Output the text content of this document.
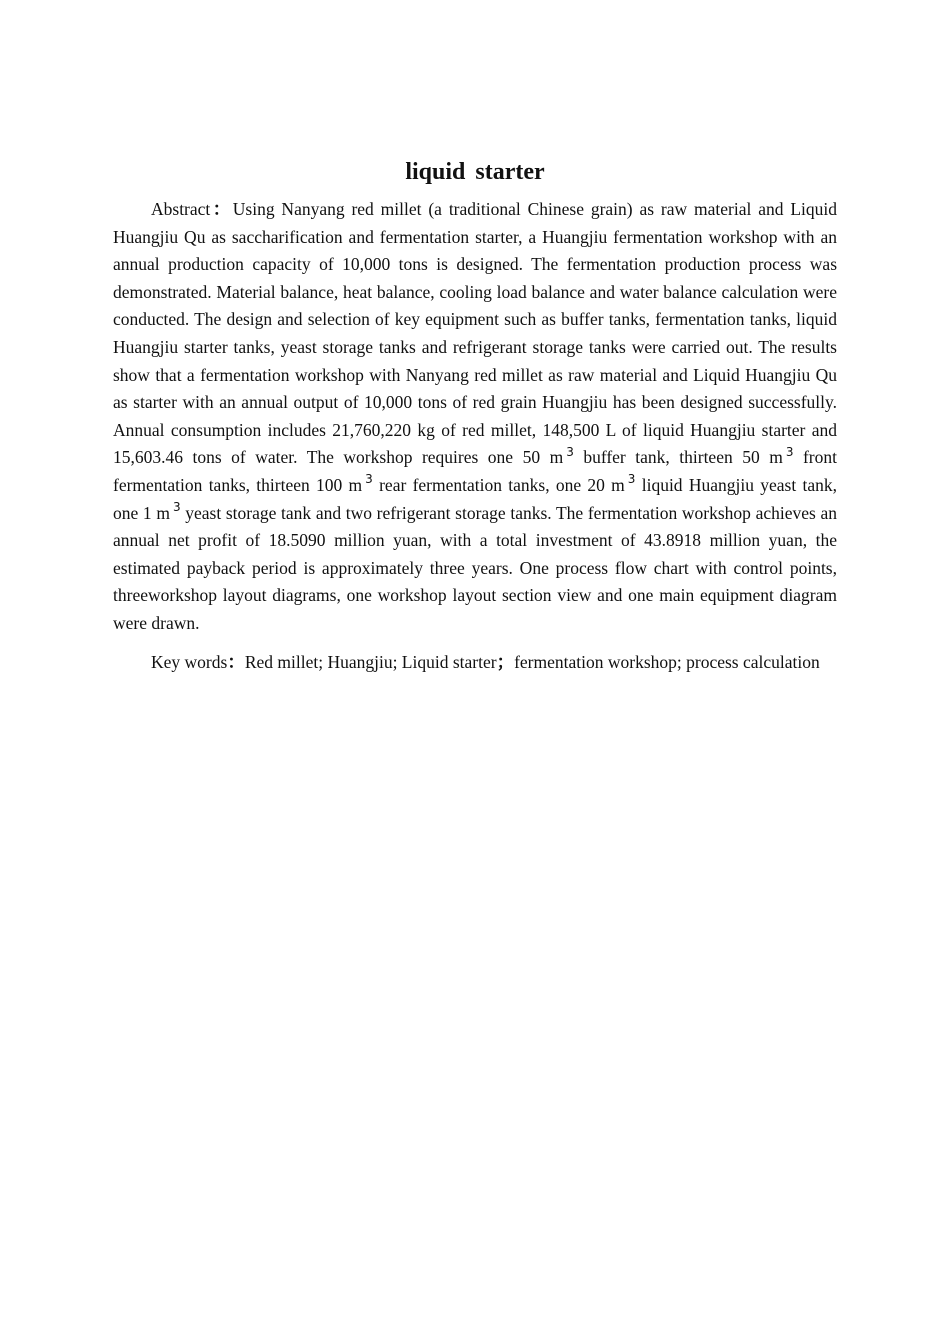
liquid starter

Abstract：Using Nanyang red millet (a traditional Chinese grain) as raw material and Liquid Huangjiu Qu as saccharification and fermentation starter, a Huangjiu fermentation workshop with an annual production capacity of 10,000 tons is designed. The fermentation production process was demonstrated. Material balance, heat balance, cooling load balance and water balance calculation were conducted. The design and selection of key equipment such as buffer tanks, fermentation tanks, liquid Huangjiu starter tanks, yeast storage tanks and refrigerant storage tanks were carried out. The results show that a fermentation workshop with Nanyang red millet as raw material and Liquid Huangjiu Qu as starter with an annual output of 10,000 tons of red grain Huangjiu has been designed successfully. Annual consumption includes 21,760,220 kg of red millet, 148,500 L of liquid Huangjiu starter and 15,603.46 tons of water. The workshop requires one 50 m $^3$ buffer tank, thirteen 50 m $^3$ front fermentation tanks, thirteen 100 m $^3$ rear fermentation tanks, one 20 m $^3$ liquid Huangjiu yeast tank, one 1 m $^3$ yeast storage tank and two refrigerant storage tanks. The fermentation workshop achieves an annual net profit of 18.5090 million yuan, with a total investment of 43.8918 million yuan, the estimated payback period is approximately three years. One process flow chart with control points, threeworkshop layout diagrams, one workshop layout section view and one main equipment diagram were drawn.

Key words：Red millet; Huangjiu; Liquid starter；fermentation workshop; process calculation
